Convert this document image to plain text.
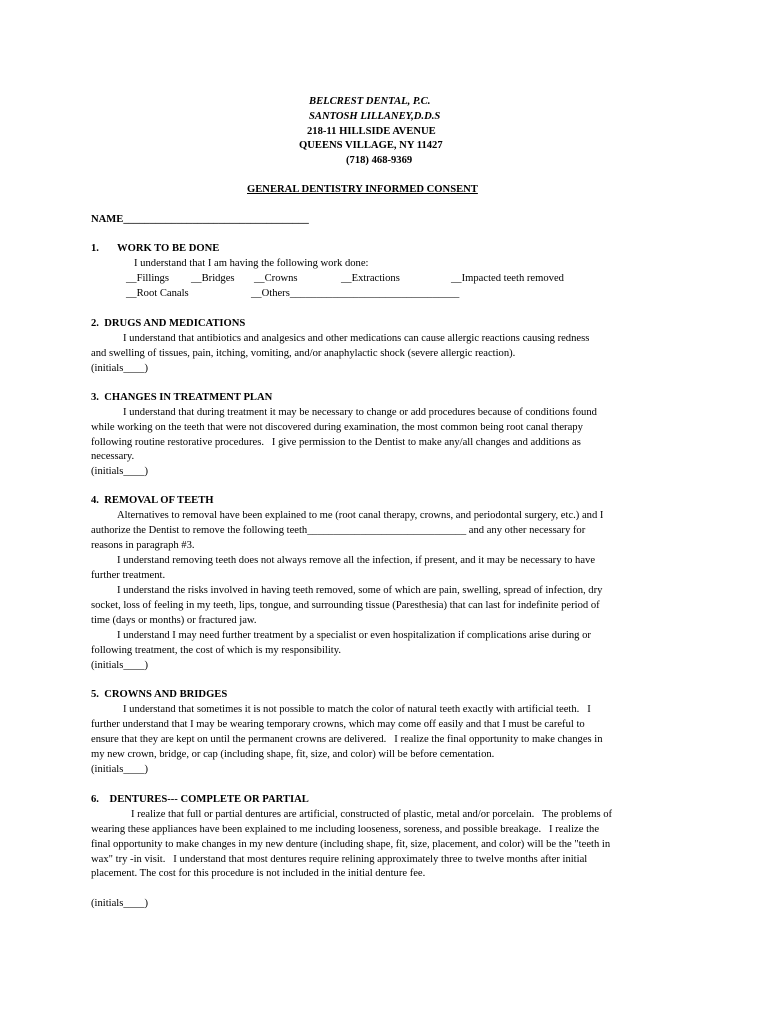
BELCREST DENTAL, P.C.
SANTOSH LILLANEY,D.D.S
218-11 HILLSIDE AVENUE
QUEENS VILLAGE, NY 11427
(718) 468-9369
GENERAL DENTISTRY INFORMED CONSENT
NAME___________________________________
1. WORK TO BE DONE
I understand that I am having the following work done:
__Fillings __Bridges __Crowns	__Extractions	__Impacted teeth removed
__Root Canals	__Others________________________________
2.  DRUGS AND MEDICATIONS
I understand that antibiotics and analgesics and other medications can cause allergic reactions causing redness
and swelling of tissues, pain, itching, vomiting, and/or anaphylactic shock (severe allergic reaction).
(initials____)
3.  CHANGES IN TREATMENT PLAN
I understand that during treatment it may be necessary to change or add procedures because of conditions found
while working on the teeth that were not discovered during examination, the most common being root canal therapy
following routine restorative procedures.   I give permission to the Dentist to make any/all changes and additions as
necessary.
(initials____)
4.  REMOVAL OF TEETH
Alternatives to removal have been explained to me (root canal therapy, crowns, and periodontal surgery, etc.) and I
authorize the Dentist to remove the following teeth______________________________ and any other necessary for
reasons in paragraph #3.
I understand removing teeth does not always remove all the infection, if present, and it may be necessary to have
further treatment.
I understand the risks involved in having teeth removed, some of which are pain, swelling, spread of infection, dry
socket, loss of feeling in my teeth, lips, tongue, and surrounding tissue (Paresthesia) that can last for indefinite period of
time (days or months) or fractured jaw.
I understand I may need further treatment by a specialist or even hospitalization if complications arise during or
following treatment, the cost of which is my responsibility.
(initials____)
5.  CROWNS AND BRIDGES
I understand that sometimes it is not possible to match the color of natural teeth exactly with artificial teeth.   I
further understand that I may be wearing temporary crowns, which may come off easily and that I must be careful to
ensure that they are kept on until the permanent crowns are delivered.   I realize the final opportunity to make changes in
my new crown, bridge, or cap (including shape, fit, size, and color) will be before cementation.
(initials____)
6.    DENTURES--- COMPLETE OR PARTIAL
I realize that full or partial dentures are artificial, constructed of plastic, metal and/or porcelain.   The problems of
wearing these appliances have been explained to me including looseness, soreness, and possible breakage.   I realize the
final opportunity to make changes in my new denture (including shape, fit, size, placement, and color) will be the "teeth in
wax" try -in visit.   I understand that most dentures require relining approximately three to twelve months after initial
placement. The cost for this procedure is not included in the initial denture fee.
(initials____)
